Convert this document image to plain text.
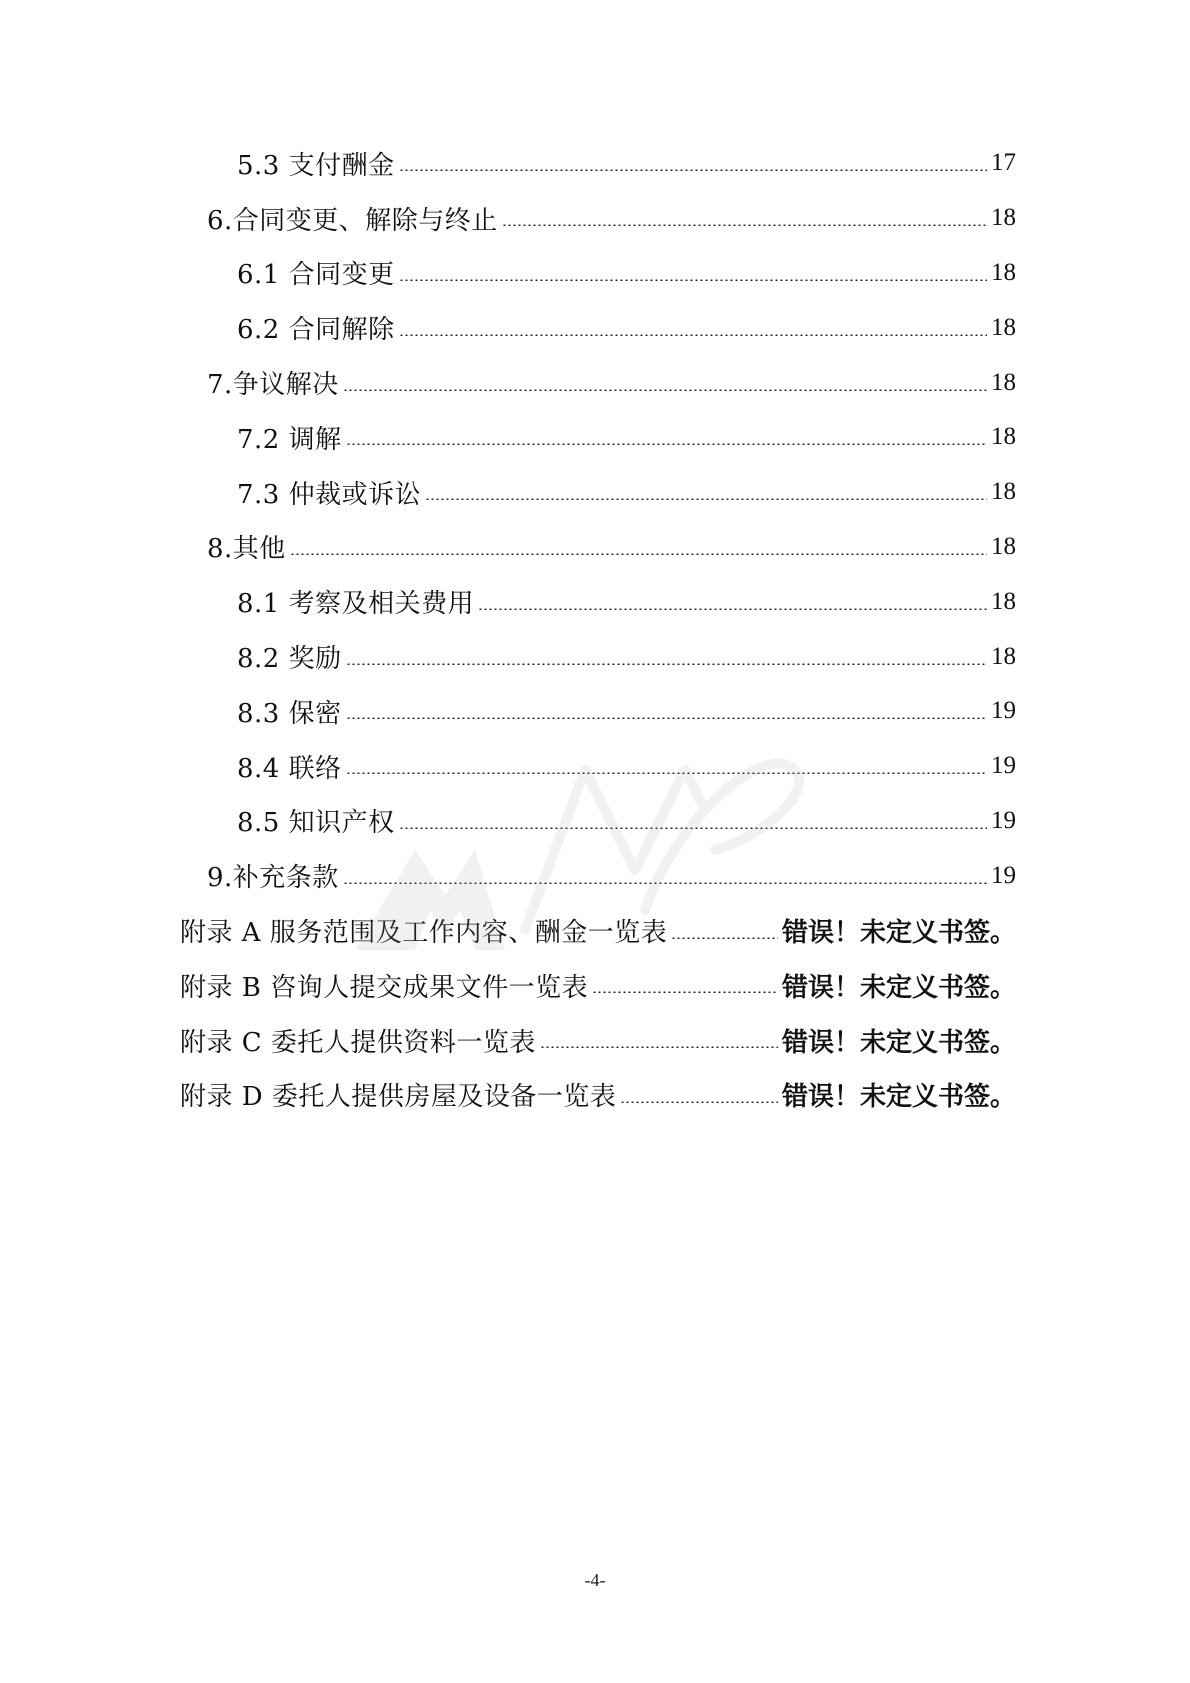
5.3 支付酬金	17
6.合同变更、解除与终止	18
6.1 合同变更	18
6.2 合同解除	18
7.争议解决	18
7.2 调解	18
7.3 仲裁或诉讼	18
8.其他	18
8.1 考察及相关费用	18
8.2 奖励	18
8.3 保密	19
8.4 联络	19
8.5 知识产权	19
9.补充条款	19
附录 A 服务范围及工作内容、酬金一览表	错误！未定义书签。
附录 B 咨询人提交成果文件一览表	错误！未定义书签。
附录 C 委托人提供资料一览表	错误！未定义书签。
附录 D 委托人提供房屋及设备一览表	错误！未定义书签。
-4-
